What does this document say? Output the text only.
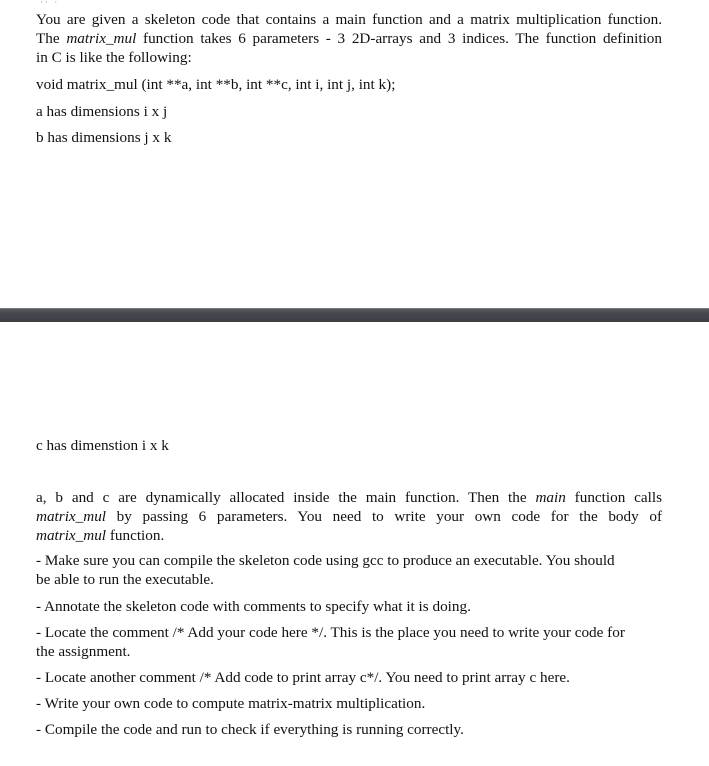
·· ·

You are given a skeleton code that contains a main function and a matrix multiplication function.
The matrix_mul function takes 6 parameters - 3 2D-arrays and 3 indices. The function definition
in C is like the following:

void matrix_mul (int **a, int **b, int **c, int i, int j, int k);

a has dimensions i x j

b has dimensions j x k

c has dimenstion i x k

a, b and c are dynamically allocated inside the main function. Then the main function calls
matrix_mul by passing 6 parameters. You need to write your own code for the body of
matrix_mul function.

- Make sure you can compile the skeleton code using gcc to produce an executable. You should
be able to run the executable.

- Annotate the skeleton code with comments to specify what it is doing.

- Locate the comment /* Add your code here */. This is the place you need to write your code for
the assignment.

- Locate another comment /* Add code to print array c*/. You need to print array c here.

- Write your own code to compute matrix-matrix multiplication.

- Compile the code and run to check if everything is running correctly.
